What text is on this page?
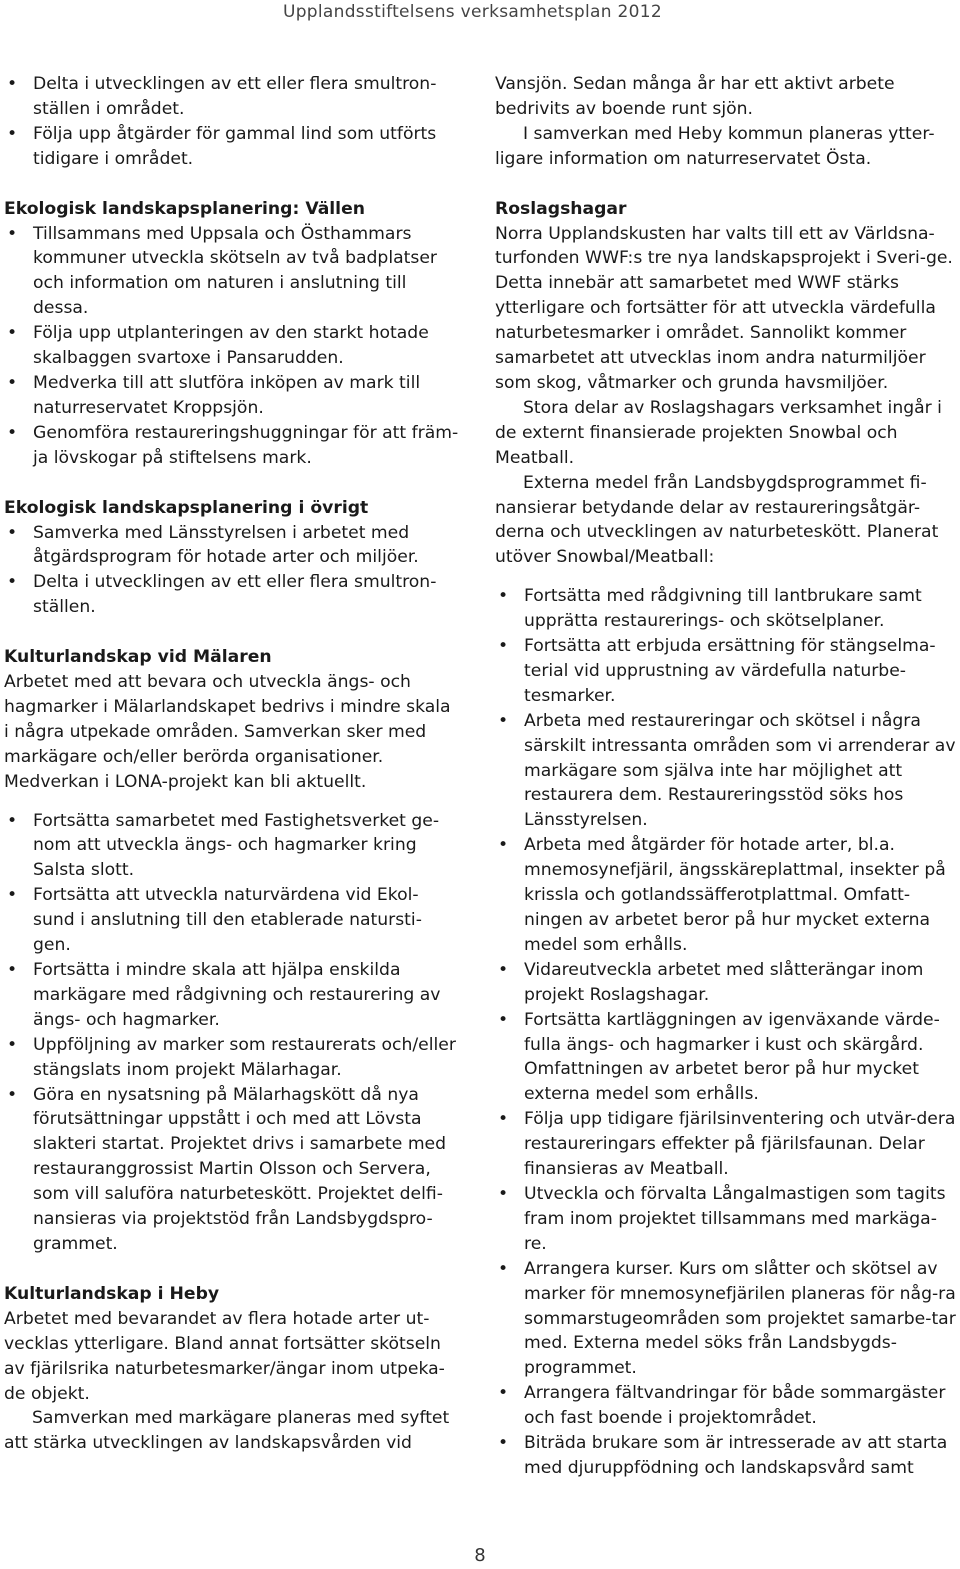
Upplandsstiftelsens verksamhetsplan 2012
• Delta i utvecklingen av ett eller flera smultron-ställen i området.
• Följa upp åtgärder för gammal lind som utförts tidigare i området.
Ekologisk landskapsplanering: Vällen
• Tillsammans med Uppsala och Östhammars kommuner utveckla skötseln av två badplatser och information om naturen i anslutning till dessa.
• Följa upp utplanteringen av den starkt hotade skalbaggen svartoxe i Pansarudden.
• Medverka till att slutföra inköpen av mark till naturreservatet Kroppsjön.
• Genomföra restaureringshuggningar för att främ-ja lövskogar på stiftelsens mark.
Ekologisk landskapsplanering i övrigt
• Samverka med Länsstyrelsen i arbetet med åtgärdsprogram för hotade arter och miljöer.
• Delta i utvecklingen av ett eller flera smultron-ställen.
Kulturlandskap vid Mälaren

Arbetet med att bevara och utveckla ängs- och hagmarker i Mälarlandskapet bedrivs i mindre skala i några utpekade områden. Samverkan sker med markägare och/eller berörda organisationer. Medverkan i LONA-projekt kan bli aktuellt.

• Fortsätta samarbetet med Fastighetsverket ge-nom att utveckla ängs- och hagmarker kring Salsta slott.
• Fortsätta att utveckla naturvärdena vid Ekol-sund i anslutning till den etablerade natursti-gen.
• Fortsätta i mindre skala att hjälpa enskilda markägare med rådgivning och restaurering av ängs- och hagmarker.
• Uppföljning av marker som restaurerats och/eller stängslats inom projekt Mälarhagar.
• Göra en nysatsning på Mälarhagskött då nya förutsättningar uppstått i och med att Lövsta slakteri startat. Projektet drivs i samarbete med restauranggrossist Martin Olsson och Servera, som vill saluföra naturbeteskött. Projektet delfi-nansieras via projektstöd från Landsbygdspro-grammet.
Kulturlandskap i Heby

Arbetet med bevarandet av flera hotade arter ut-vecklas ytterligare. Bland annat fortsätter skötseln av fjärilsrika naturbetesmarker/ängar inom utpeka-de objekt.

Samverkan med markägare planeras med syftet att stärka utvecklingen av landskapsvården vid

Vansjön. Sedan många år har ett aktivt arbete bedrivits av boende runt sjön.

I samverkan med Heby kommun planeras ytter-ligare information om naturreservatet Östa.

Roslagshagar

Norra Upplandskusten har valts till ett av Världsna-turfonden WWF:s tre nya landskapsprojekt i Sveri-ge. Detta innebär att samarbetet med WWF stärks ytterligare och fortsätter för att utveckla värdefulla naturbetesmarker i området. Sannolikt kommer samarbetet att utvecklas inom andra naturmiljöer som skog, våtmarker och grunda havsmiljöer.

Stora delar av Roslagshagars verksamhet ingår i de externt finansierade projekten Snowbal och Meatball.

Externa medel från Landsbygdsprogrammet fi-nansierar betydande delar av restaureringsåtgär-derna och utvecklingen av naturbeteskött. Planerat utöver Snowbal/Meatball:

• Fortsätta med rådgivning till lantbrukare samt upprätta restaurerings- och skötselplaner.
• Fortsätta att erbjuda ersättning för stängselma-terial vid upprustning av värdefulla naturbe-tesmarker.
• Arbeta med restaureringar och skötsel i några särskilt intressanta områden som vi arrenderar av markägare som själva inte har möjlighet att restaurera dem. Restaureringsstöd söks hos Länsstyrelsen.
• Arbeta med åtgärder för hotade arter, bl.a. mnemosynefjäril, ängsskäreplattmal, insekter på krissla och gotlandssäfferotplattmal. Omfatt-ningen av arbetet beror på hur mycket externa medel som erhålls.
• Vidareutveckla arbetet med slåtterängar inom projekt Roslagshagar.
• Fortsätta kartläggningen av igenväxande värde-fulla ängs- och hagmarker i kust och skärgård. Omfattningen av arbetet beror på hur mycket externa medel som erhålls.
• Följa upp tidigare fjärilsinventering och utvär-dera restaureringars effekter på fjärilsfaunan. Delar finansieras av Meatball.
• Utveckla och förvalta Långalmastigen som tagits fram inom projektet tillsammans med markäga-re.
• Arrangera kurser. Kurs om slåtter och skötsel av marker för mnemosynefjärilen planeras för någ-ra sommarstugeområden som projektet samarbe-tar med. Externa medel söks från Landsbygds-programmet.
• Arrangera fältvandringar för både sommargäster och fast boende i projektområdet.
• Biträda brukare som är intresserade av att starta med djuruppfödning och landskapsvård samt
8
